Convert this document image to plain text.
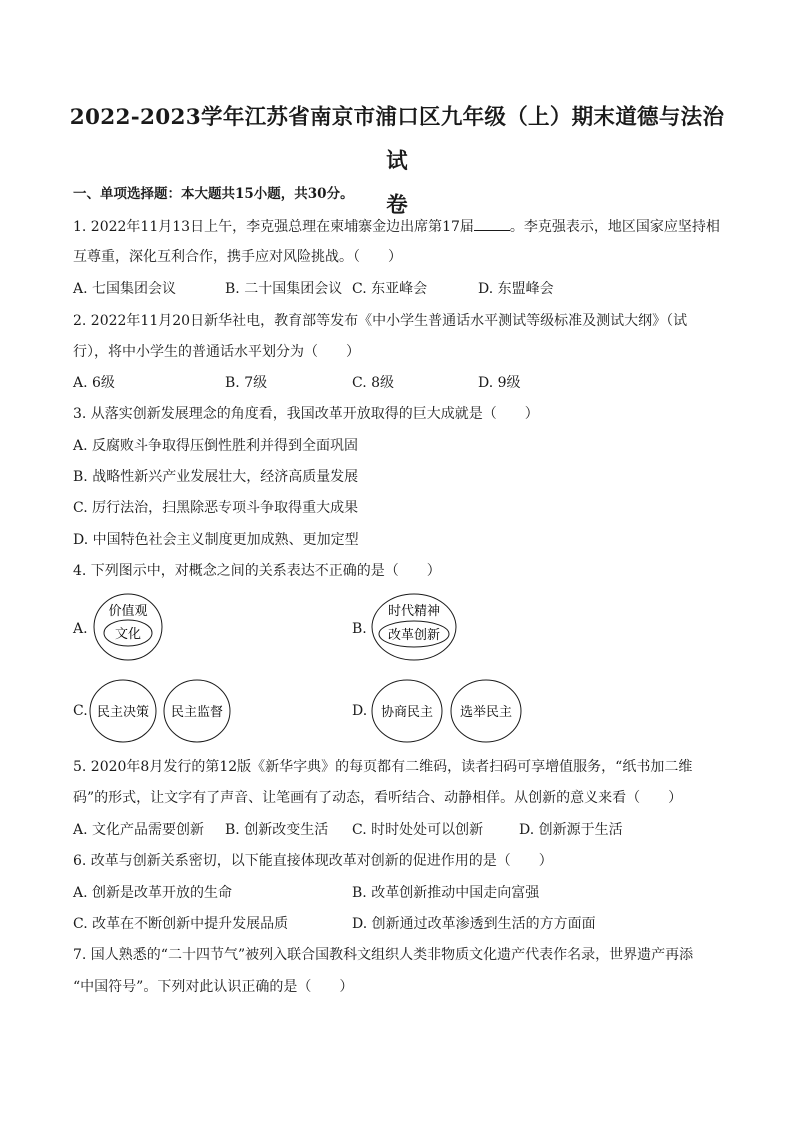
2022-2023学年江苏省南京市浦口区九年级（上）期末道德与法治试
卷
一、单项选择题：本大题共15小题，共30分。
1. 2022年11月13日上午，李克强总理在柬埔寨金边出席第17届	。李克强表示，地区国家应坚持相
互尊重，深化互利合作，携手应对风险挑战。（　　）
A. 七国集团会议	B. 二十国集团会议 C. 东亚峰会	D. 东盟峰会
2. 2022年11月20日新华社电，教育部等发布《中小学生普通话水平测试等级标准及测试大纲》（试
行），将中小学生的普通话水平划分为（　　）
A. 6级	B. 7级	C. 8级	D. 9级
3. 从落实创新发展理念的角度看，我国改革开放取得的巨大成就是（　　）
A. 反腐败斗争取得压倒性胜利并得到全面巩固
B. 战略性新兴产业发展壮大，经济高质量发展
C. 厉行法治，扫黑除恶专项斗争取得重大成果
D. 中国特色社会主义制度更加成熟、更加定型
4. 下列图示中，对概念之间的关系表达不正确的是（　　）
A.
价值观
文化	B.
时代精神
改革创新
C. 民主决策 民主监督	D. 协商民主 选举民主
5. 2020年8月发行的第12版《新华字典》的每页都有二维码，读者扫码可享增值服务，“纸书加二维
码”的形式，让文字有了声音、让笔画有了动态，看听结合、动静相佯。从创新的意义来看（　　）
A. 文化产品需要创新 B. 创新改变生活 C. 时时处处可以创新	D. 创新源于生活
6. 改革与创新关系密切，以下能直接体现改革对创新的促进作用的是（　　）
A. 创新是改革开放的生命	B. 改革创新推动中国走向富强
C. 改革在不断创新中提升发展品质	D. 创新通过改革渗透到生活的方方面面
7. 国人熟悉的“二十四节气”被列入联合国教科文组织人类非物质文化遗产代表作名录，世界遗产再添
“中国符号”。下列对此认识正确的是（　　）
